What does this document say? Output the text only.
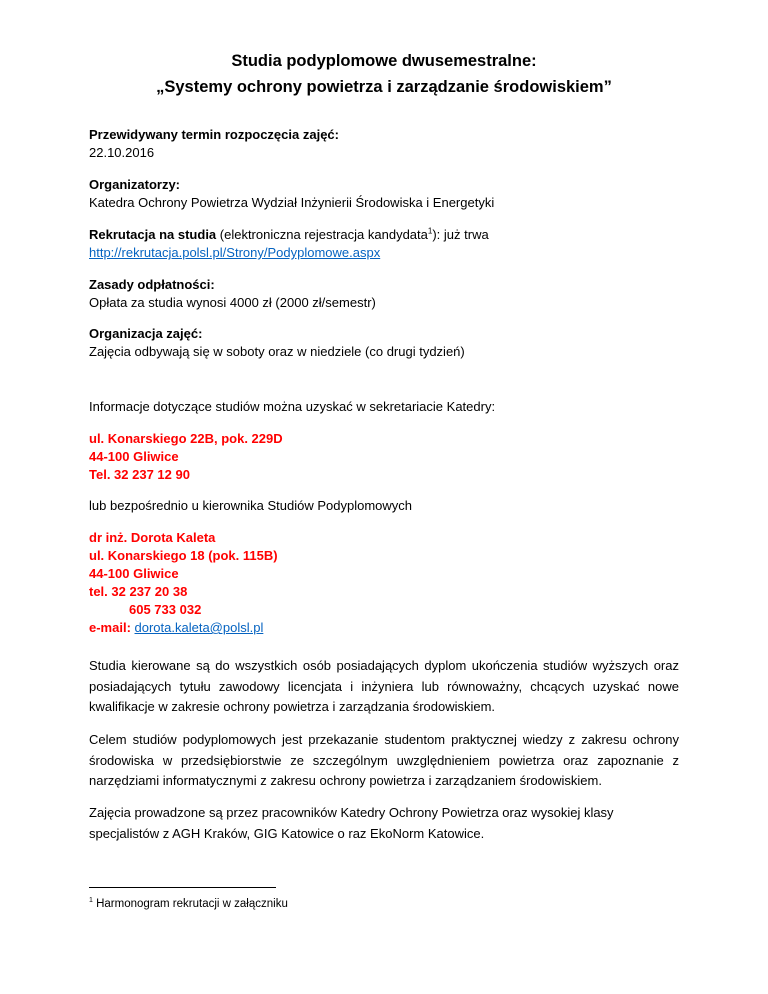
Studia podyplomowe dwusemestralne:
„Systemy ochrony powietrza i zarządzanie środowiskiem”
Przewidywany termin rozpoczęcia zajęć:
22.10.2016
Organizatorzy:
Katedra Ochrony Powietrza Wydział Inżynierii Środowiska i Energetyki
Rekrutacja na studia (elektroniczna rejestracja kandydata$^1$): już trwa
http://rekrutacja.polsl.pl/Strony/Podyplomowe.aspx
Zasady odpłatności:
Opłata za studia wynosi 4000 zł (2000 zł/semestr)
Organizacja zajęć:
Zajęcia odbywają się w soboty oraz w niedziele (co drugi tydzień)
Informacje dotyczące studiów można uzyskać w sekretariacie Katedry:
ul. Konarskiego 22B, pok. 229D
44-100 Gliwice
Tel. 32 237 12 90
lub bezpośrednio u kierownika Studiów Podyplomowych
dr inż. Dorota Kaleta
ul. Konarskiego 18 (pok. 115B)
44-100 Gliwice
tel. 32 237 20 38
605 733 032
e-mail: dorota.kaleta@polsl.pl
Studia kierowane są do wszystkich osób posiadających dyplom ukończenia studiów wyższych oraz posiadających tytułu zawodowy licencjata i inżyniera lub równoważny, chcących uzyskać nowe kwalifikacje w zakresie ochrony powietrza i zarządzania środowiskiem.
Celem studiów podyplomowych jest przekazanie studentom praktycznej wiedzy z zakresu ochrony środowiska w przedsiębiorstwie ze szczególnym uwzględnieniem powietrza oraz zapoznanie z narzędziami informatycznymi z zakresu ochrony powietrza i zarządzaniem środowiskiem.
Zajęcia prowadzone są przez pracowników Katedry Ochrony Powietrza oraz wysokiej klasy
specjalistów z AGH Kraków, GIG Katowice o raz EkoNorm Katowice.
$^1$ Harmonogram rekrutacji w załączniku
